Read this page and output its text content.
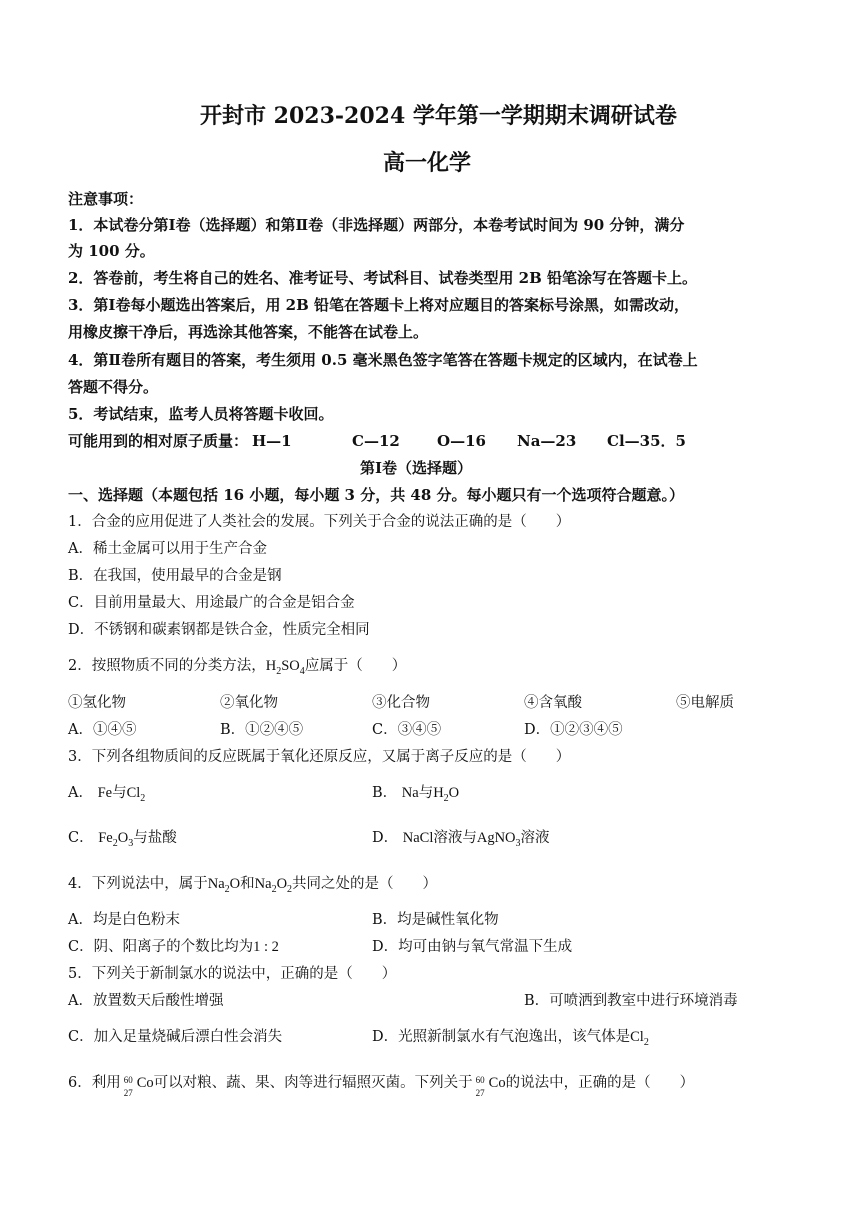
开封市 2023-2024 学年第一学期期末调研试卷
高一化学
注意事项：
1．本试卷分第Ⅰ卷（选择题）和第Ⅱ卷（非选择题）两部分，本卷考试时间为 90 分钟，满分
为 100 分。
2．答卷前，考生将自己的姓名、准考证号、考试科目、试卷类型用 2B 铅笔涂写在答题卡上。
3．第Ⅰ卷每小题选出答案后，用 2B 铅笔在答题卡上将对应题目的答案标号涂黑，如需改动，
用橡皮擦干净后，再选涂其他答案，不能答在试卷上。
4．第Ⅱ卷所有题目的答案，考生须用 0.5 毫米黑色签字笔答在答题卡规定的区域内，在试卷上
答题不得分。
5．考试结束，监考人员将答题卡收回。
可能用到的相对原子质量： H—1	C—12 O—16 Na—23 Cl—35．5
第Ⅰ卷（选择题）
一、选择题（本题包括 16 小题，每小题 3 分，共 48 分。每小题只有一个选项符合题意。）
1．合金的应用促进了人类社会的发展。下列关于合金的说法正确的是（　　）
A．稀土金属可以用于生产合金
B．在我国，使用最早的合金是钢
C．目前用量最大、用途最广的合金是铝合金
D．不锈钢和碳素钢都是铁合金，性质完全相同
2．按照物质不同的分类方法，$H_2SO_4$应属于（　　）
①氢化物	②氧化物	③化合物	④含氧酸	⑤电解质
A．①④⑤	B．①②④⑤	C．③④⑤	D．①②③④⑤
3．下列各组物质间的反应既属于氧化还原反应，又属于离子反应的是（　　）
A． Fe与$Cl_2$	B． Na与$H_2O$
C． $Fe_2O_3$与盐酸	D． NaCl溶液与AgNO$_3$溶液
4．下列说法中，属于$Na_2O$和$Na_2O_2$共同之处的是（　　）
A．均是白色粉末	B．均是碱性氧化物
C．阴、阳离子的个数比均为1 : 2	D．均可由钠与氧气常温下生成
5．下列关于新制氯水的说法中，正确的是（　　）
A．放置数天后酸性增强	B．可喷洒到教室中进行环境消毒
C．加入足量烧碱后漂白性会消失	D．光照新制氯水有气泡逸出，该气体是$Cl_2$
6．利用 60
27
Co可以对粮、蔬、果、肉等进行辐照灭菌。下列关于 60
27
Co的说法中，正确的是（　　）
